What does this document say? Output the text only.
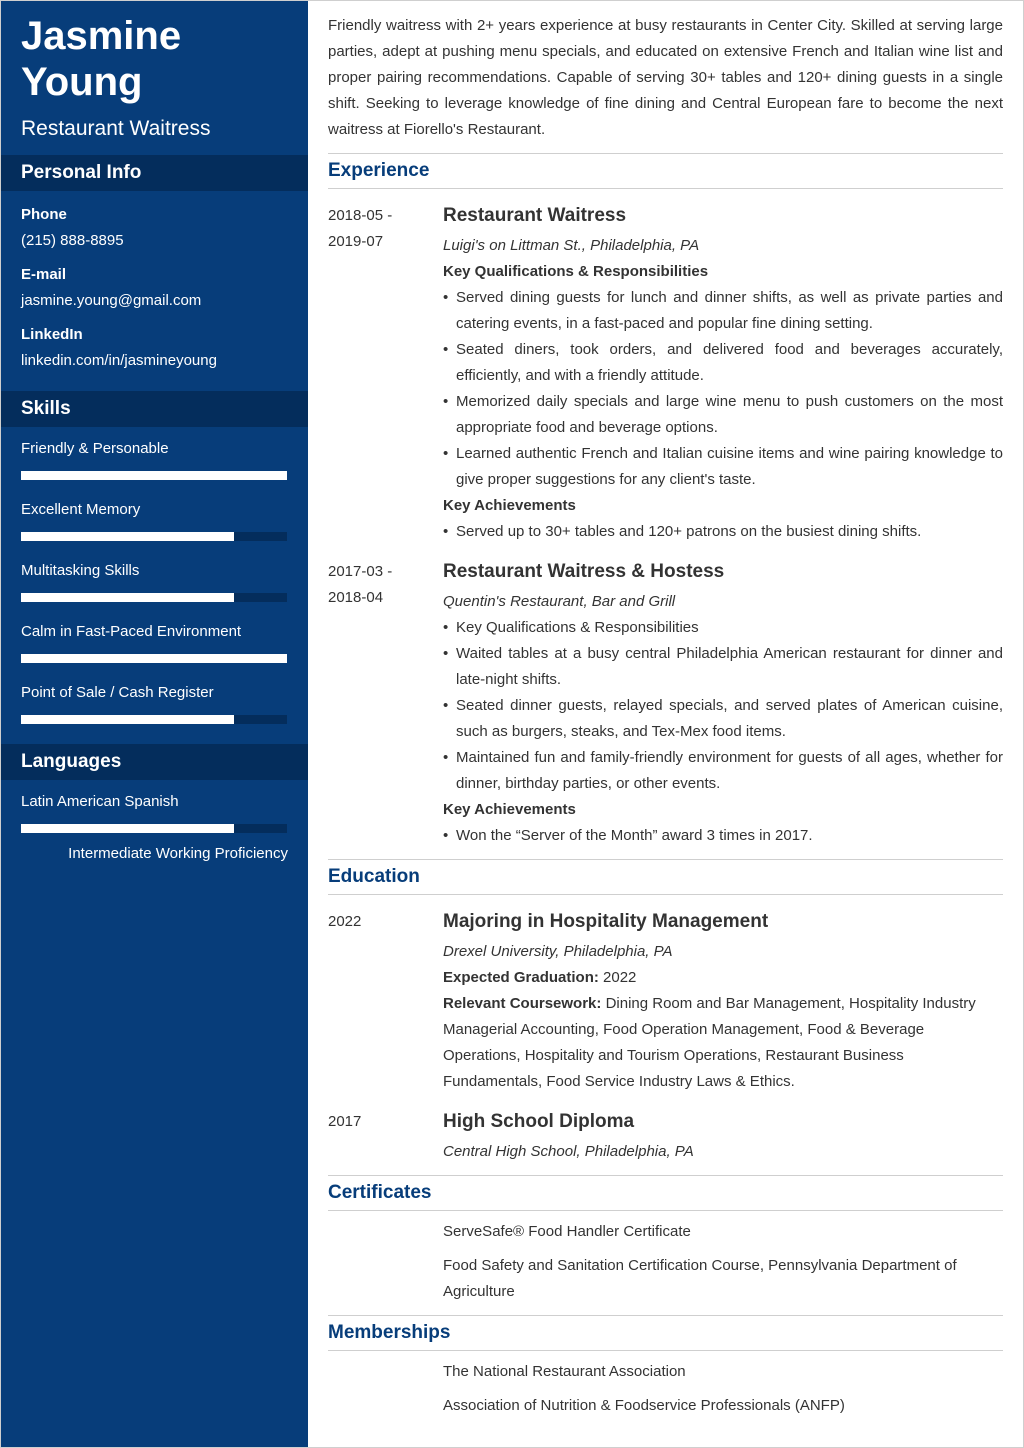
Jasmine
Young
Restaurant Waitress
Personal Info
Phone
(215) 888-8895
E-mail
jasmine.young@gmail.com
LinkedIn
linkedin.com/in/jasmineyoung
Skills
Friendly & Personable
Excellent Memory
Multitasking Skills
Calm in Fast-Paced Environment
Point of Sale / Cash Register
Languages
Latin American Spanish
Intermediate Working Proficiency

Friendly waitress with 2+ years experience at busy restaurants in Center City. Skilled at serving large parties, adept at pushing menu specials, and educated on extensive French and Italian wine list and proper pairing recommendations. Capable of serving 30+ tables and 120+ dining guests in a single shift. Seeking to leverage knowledge of fine dining and Central European fare to become the next waitress at Fiorello's Restaurant.

Experience
2018-05 -
2019-07
Restaurant Waitress
Luigi's on Littman St., Philadelphia, PA
Key Qualifications & Responsibilities
• Served dining guests for lunch and dinner shifts, as well as private parties and catering events, in a fast-paced and popular fine dining setting.
• Seated diners, took orders, and delivered food and beverages accurately, efficiently, and with a friendly attitude.
• Memorized daily specials and large wine menu to push customers on the most appropriate food and beverage options.
• Learned authentic French and Italian cuisine items and wine pairing knowledge to give proper suggestions for any client's taste.
Key Achievements
• Served up to 30+ tables and 120+ patrons on the busiest dining shifts.
2017-03 -
2018-04
Restaurant Waitress & Hostess
Quentin's Restaurant, Bar and Grill
• Key Qualifications & Responsibilities
• Waited tables at a busy central Philadelphia American restaurant for dinner and late-night shifts.
• Seated dinner guests, relayed specials, and served plates of American cuisine, such as burgers, steaks, and Tex-Mex food items.
• Maintained fun and family-friendly environment for guests of all ages, whether for dinner, birthday parties, or other events.
Key Achievements
• Won the “Server of the Month” award 3 times in 2017.
Education
2022	Majoring in Hospitality Management
Drexel University, Philadelphia, PA

Expected Graduation: 2022

Relevant Coursework: Dining Room and Bar Management, Hospitality Industry Managerial Accounting, Food Operation Management, Food & Beverage Operations, Hospitality and Tourism Operations, Restaurant Business Fundamentals, Food Service Industry Laws & Ethics.

2017	High School Diploma
Central High School, Philadelphia, PA
Certificates
ServeSafe® Food Handler Certificate
Food Safety and Sanitation Certification Course, Pennsylvania Department of Agriculture
Memberships
The National Restaurant Association
Association of Nutrition & Foodservice Professionals (ANFP)
